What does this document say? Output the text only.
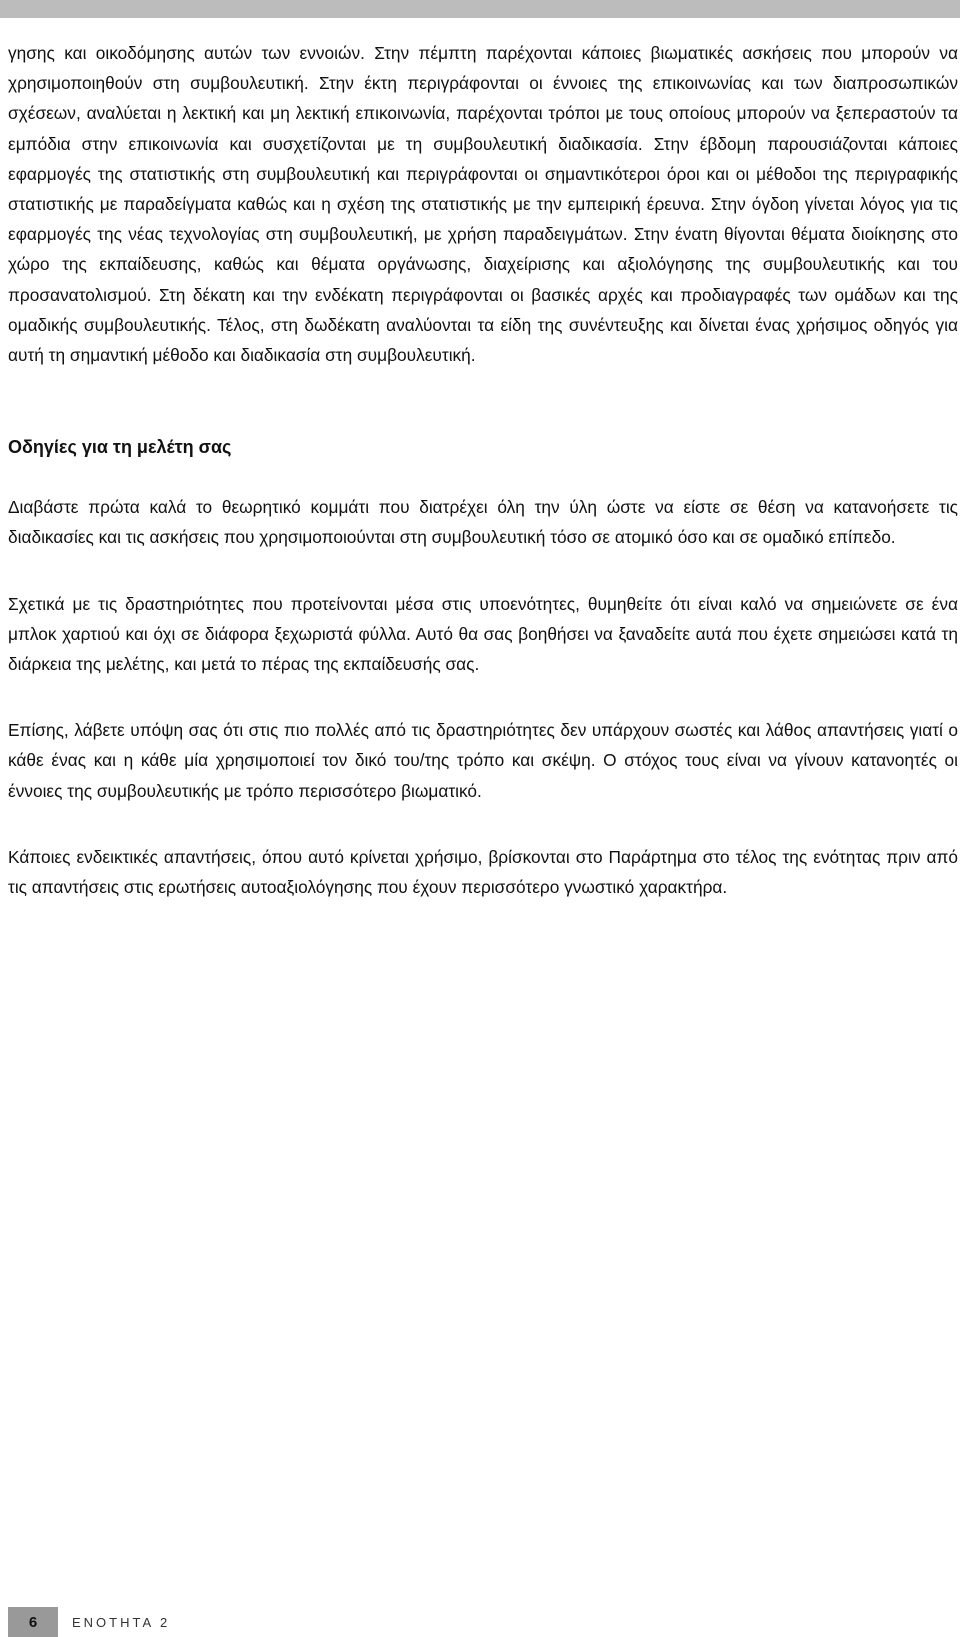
γησης και οικοδόμησης αυτών των εννοιών. Στην πέμπτη παρέχονται κάποιες βιωματικές ασκήσεις που μπορούν να χρησιμοποιηθούν στη συμβουλευτική. Στην έκτη περιγράφονται οι έννοιες της επικοινωνίας και των διαπροσωπικών σχέσεων, αναλύεται η λεκτική και μη λεκτική επικοινωνία, παρέχονται τρόποι με τους οποίους μπορούν να ξεπεραστούν τα εμπόδια στην επικοινωνία και συσχετίζονται με τη συμβουλευτική διαδικασία. Στην έβδομη παρουσιάζονται κάποιες εφαρμογές της στατιστικής στη συμβουλευτική και περιγράφονται οι σημαντικότεροι όροι και οι μέθοδοι της περιγραφικής στατιστικής με παραδείγματα καθώς και η σχέση της στατιστικής με την εμπειρική έρευνα. Στην όγδοη γίνεται λόγος για τις εφαρμογές της νέας τεχνολογίας στη συμβουλευτική, με χρήση παραδειγμάτων. Στην ένατη θίγονται θέματα διοίκησης στο χώρο της εκπαίδευσης, καθώς και θέματα οργάνωσης, διαχείρισης και αξιολόγησης της συμβουλευτικής και του προσανατολισμού. Στη δέκατη και την ενδέκατη περιγράφονται οι βασικές αρχές και προδιαγραφές των ομάδων και της ομαδικής συμβουλευτικής. Τέλος, στη δωδέκατη αναλύονται τα είδη της συνέντευξης και δίνεται ένας χρήσιμος οδηγός για αυτή τη σημαντική μέθοδο και διαδικασία στη συμβουλευτική.

Οδηγίες για τη μελέτη σας

Διαβάστε πρώτα καλά το θεωρητικό κομμάτι που διατρέχει όλη την ύλη ώστε να είστε σε θέση να κατανοήσετε τις διαδικασίες και τις ασκήσεις που χρησιμοποιούνται στη συμβουλευτική τόσο σε ατομικό όσο και σε ομαδικό επίπεδο.

Σχετικά με τις δραστηριότητες που προτείνονται μέσα στις υποενότητες, θυμηθείτε ότι είναι καλό να σημειώνετε σε ένα μπλοκ χαρτιού και όχι σε διάφορα ξεχωριστά φύλλα. Αυτό θα σας βοηθήσει να ξαναδείτε αυτά που έχετε σημειώσει κατά τη διάρκεια της μελέτης, και μετά το πέρας της εκπαίδευσής σας.

Επίσης, λάβετε υπόψη σας ότι στις πιο πολλές από τις δραστηριότητες δεν υπάρχουν σωστές και λάθος απαντήσεις γιατί ο κάθε ένας και η κάθε μία χρησιμοποιεί τον δικό του/της τρόπο και σκέψη. Ο στόχος τους είναι να γίνουν κατανοητές οι έννοιες της συμβουλευτικής με τρόπο περισσότερο βιωματικό.

Κάποιες ενδεικτικές απαντήσεις, όπου αυτό κρίνεται χρήσιμο, βρίσκονται στο Παράρτημα στο τέλος της ενότητας πριν από τις απαντήσεις στις ερωτήσεις αυτοαξιολόγησης που έχουν περισσότερο γνωστικό χαρακτήρα.

6	ΕΝΟΤΗΤΑ 2
